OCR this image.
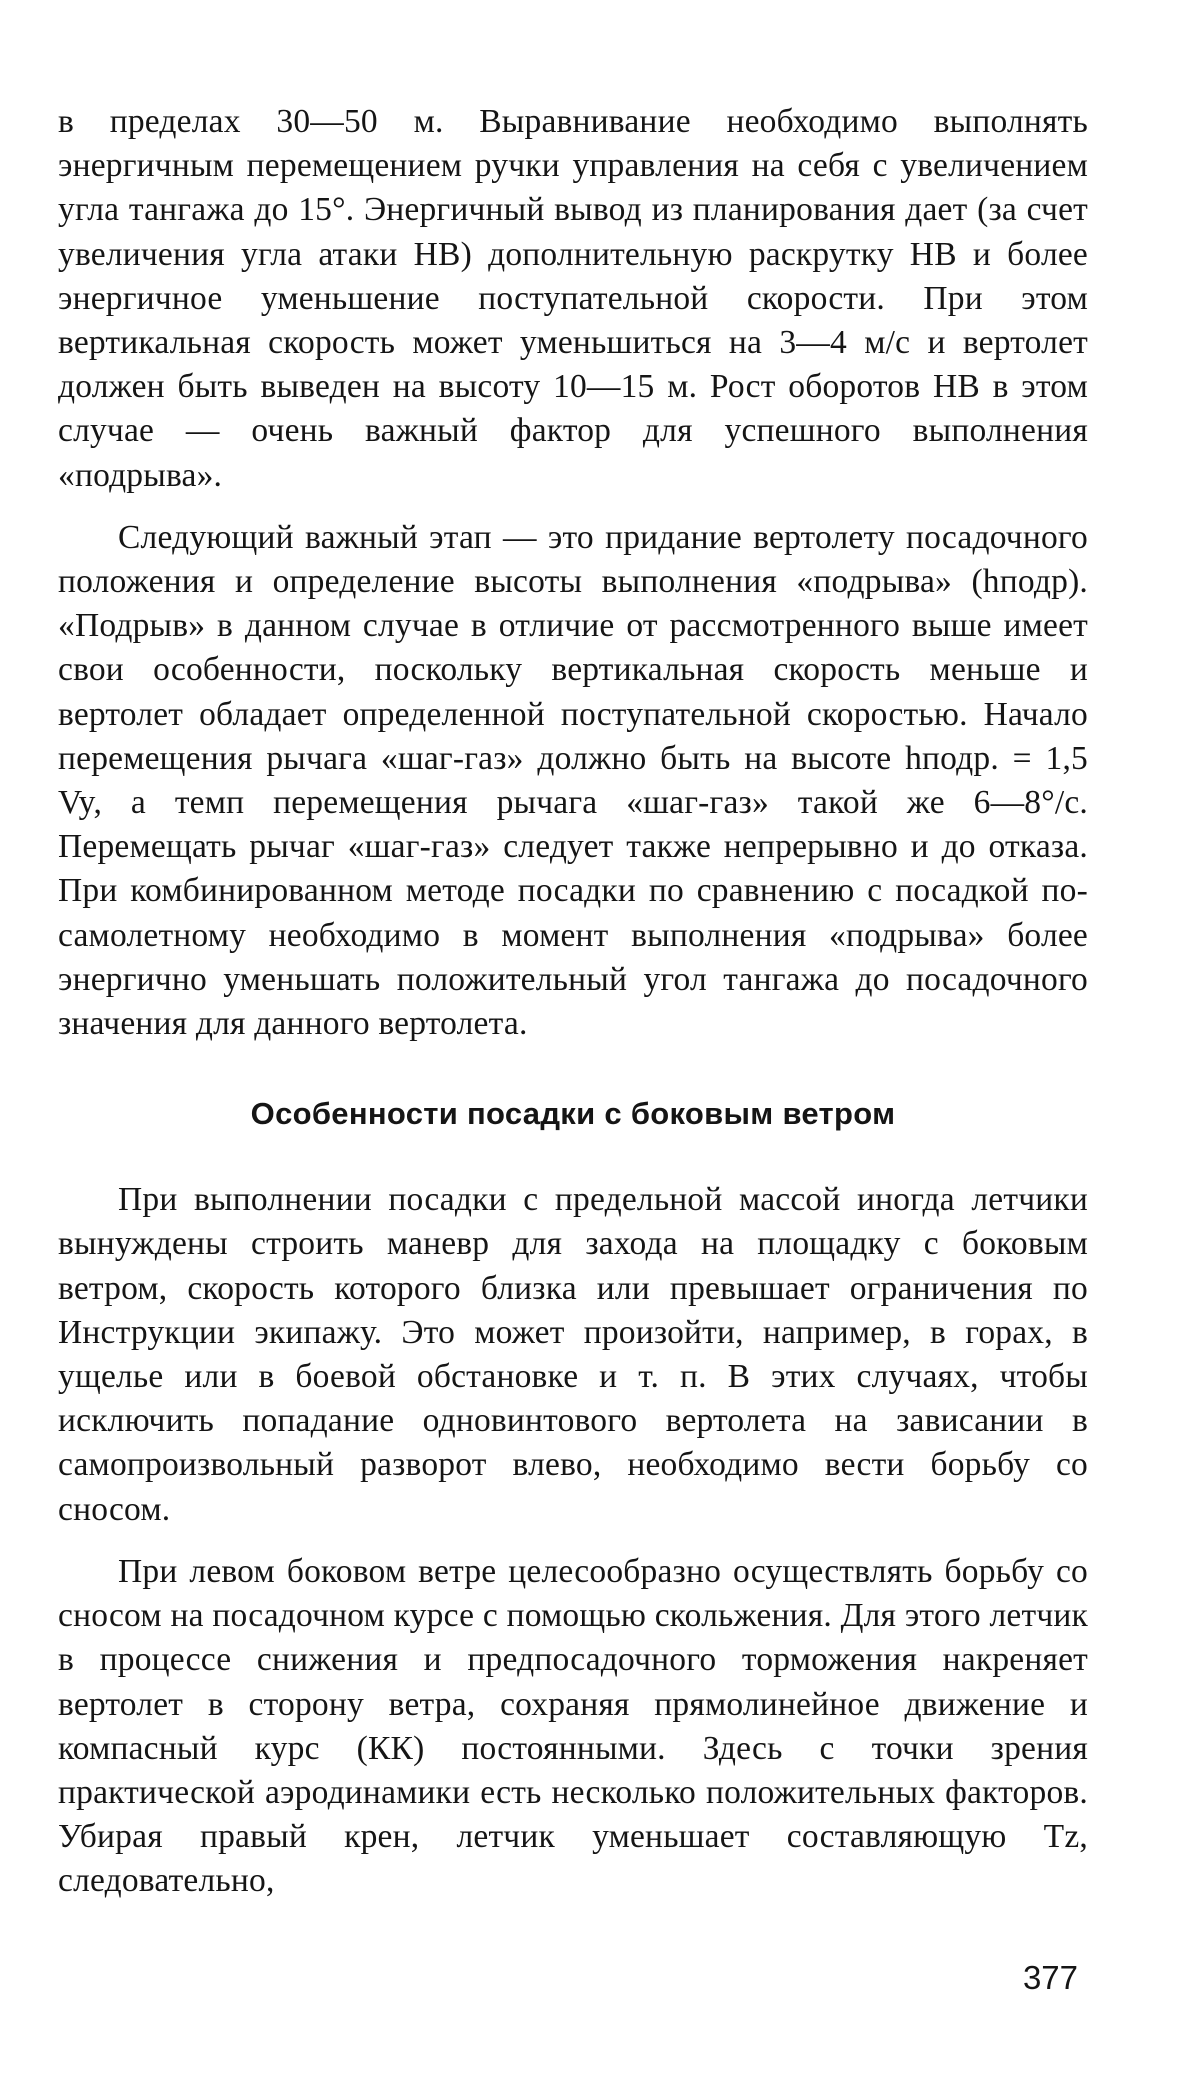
в пределах 30—50 м. Выравнивание необходимо выполнять энергичным перемещением ручки управления на себя с увеличением угла тангажа до 15°. Энергичный вывод из планирования дает (за счет увеличения угла атаки НВ) дополнительную раскрутку НВ и более энергичное уменьшение поступательной скорости. При этом вертикальная скорость может уменьшиться на 3—4 м/с и вертолет должен быть выведен на высоту 10—15 м. Рост оборотов НВ в этом случае — очень важный фактор для успешного выполнения «подрыва».

Следующий важный этап — это придание вертолету посадочного положения и определение высоты выполнения «подрыва» (hподр). «Подрыв» в данном случае в отличие от рассмотренного выше имеет свои особенности, поскольку вертикальная скорость меньше и вертолет обладает определенной поступательной скоростью. Начало перемещения рычага «шаг-газ» должно быть на высоте hподр. = 1,5 Vy, а темп перемещения рычага «шаг-газ» такой же 6—8°/с. Перемещать рычаг «шаг-газ» следует также непрерывно и до отказа. При комбинированном методе посадки по сравнению с посадкой по-самолетному необходимо в момент выполнения «подрыва» более энергично уменьшать положительный угол тангажа до посадочного значения для данного вертолета.

Особенности посадки с боковым ветром

При выполнении посадки с предельной массой иногда летчики вынуждены строить маневр для захода на площадку с боковым ветром, скорость которого близка или превышает ограничения по Инструкции экипажу. Это может произойти, например, в горах, в ущелье или в боевой обстановке и т. п. В этих случаях, чтобы исключить попадание одновинтового вертолета на зависании в самопроизвольный разворот влево, необходимо вести борьбу со сносом.

При левом боковом ветре целесообразно осуществлять борьбу со сносом на посадочном курсе с помощью скольжения. Для этого летчик в процессе снижения и предпосадочного торможения накреняет вертолет в сторону ветра, сохраняя прямолинейное движение и компасный курс (КК) постоянными. Здесь с точки зрения практической аэродинамики есть несколько положительных факторов. Убирая правый крен, летчик уменьшает составляющую Tz, следовательно,

377
